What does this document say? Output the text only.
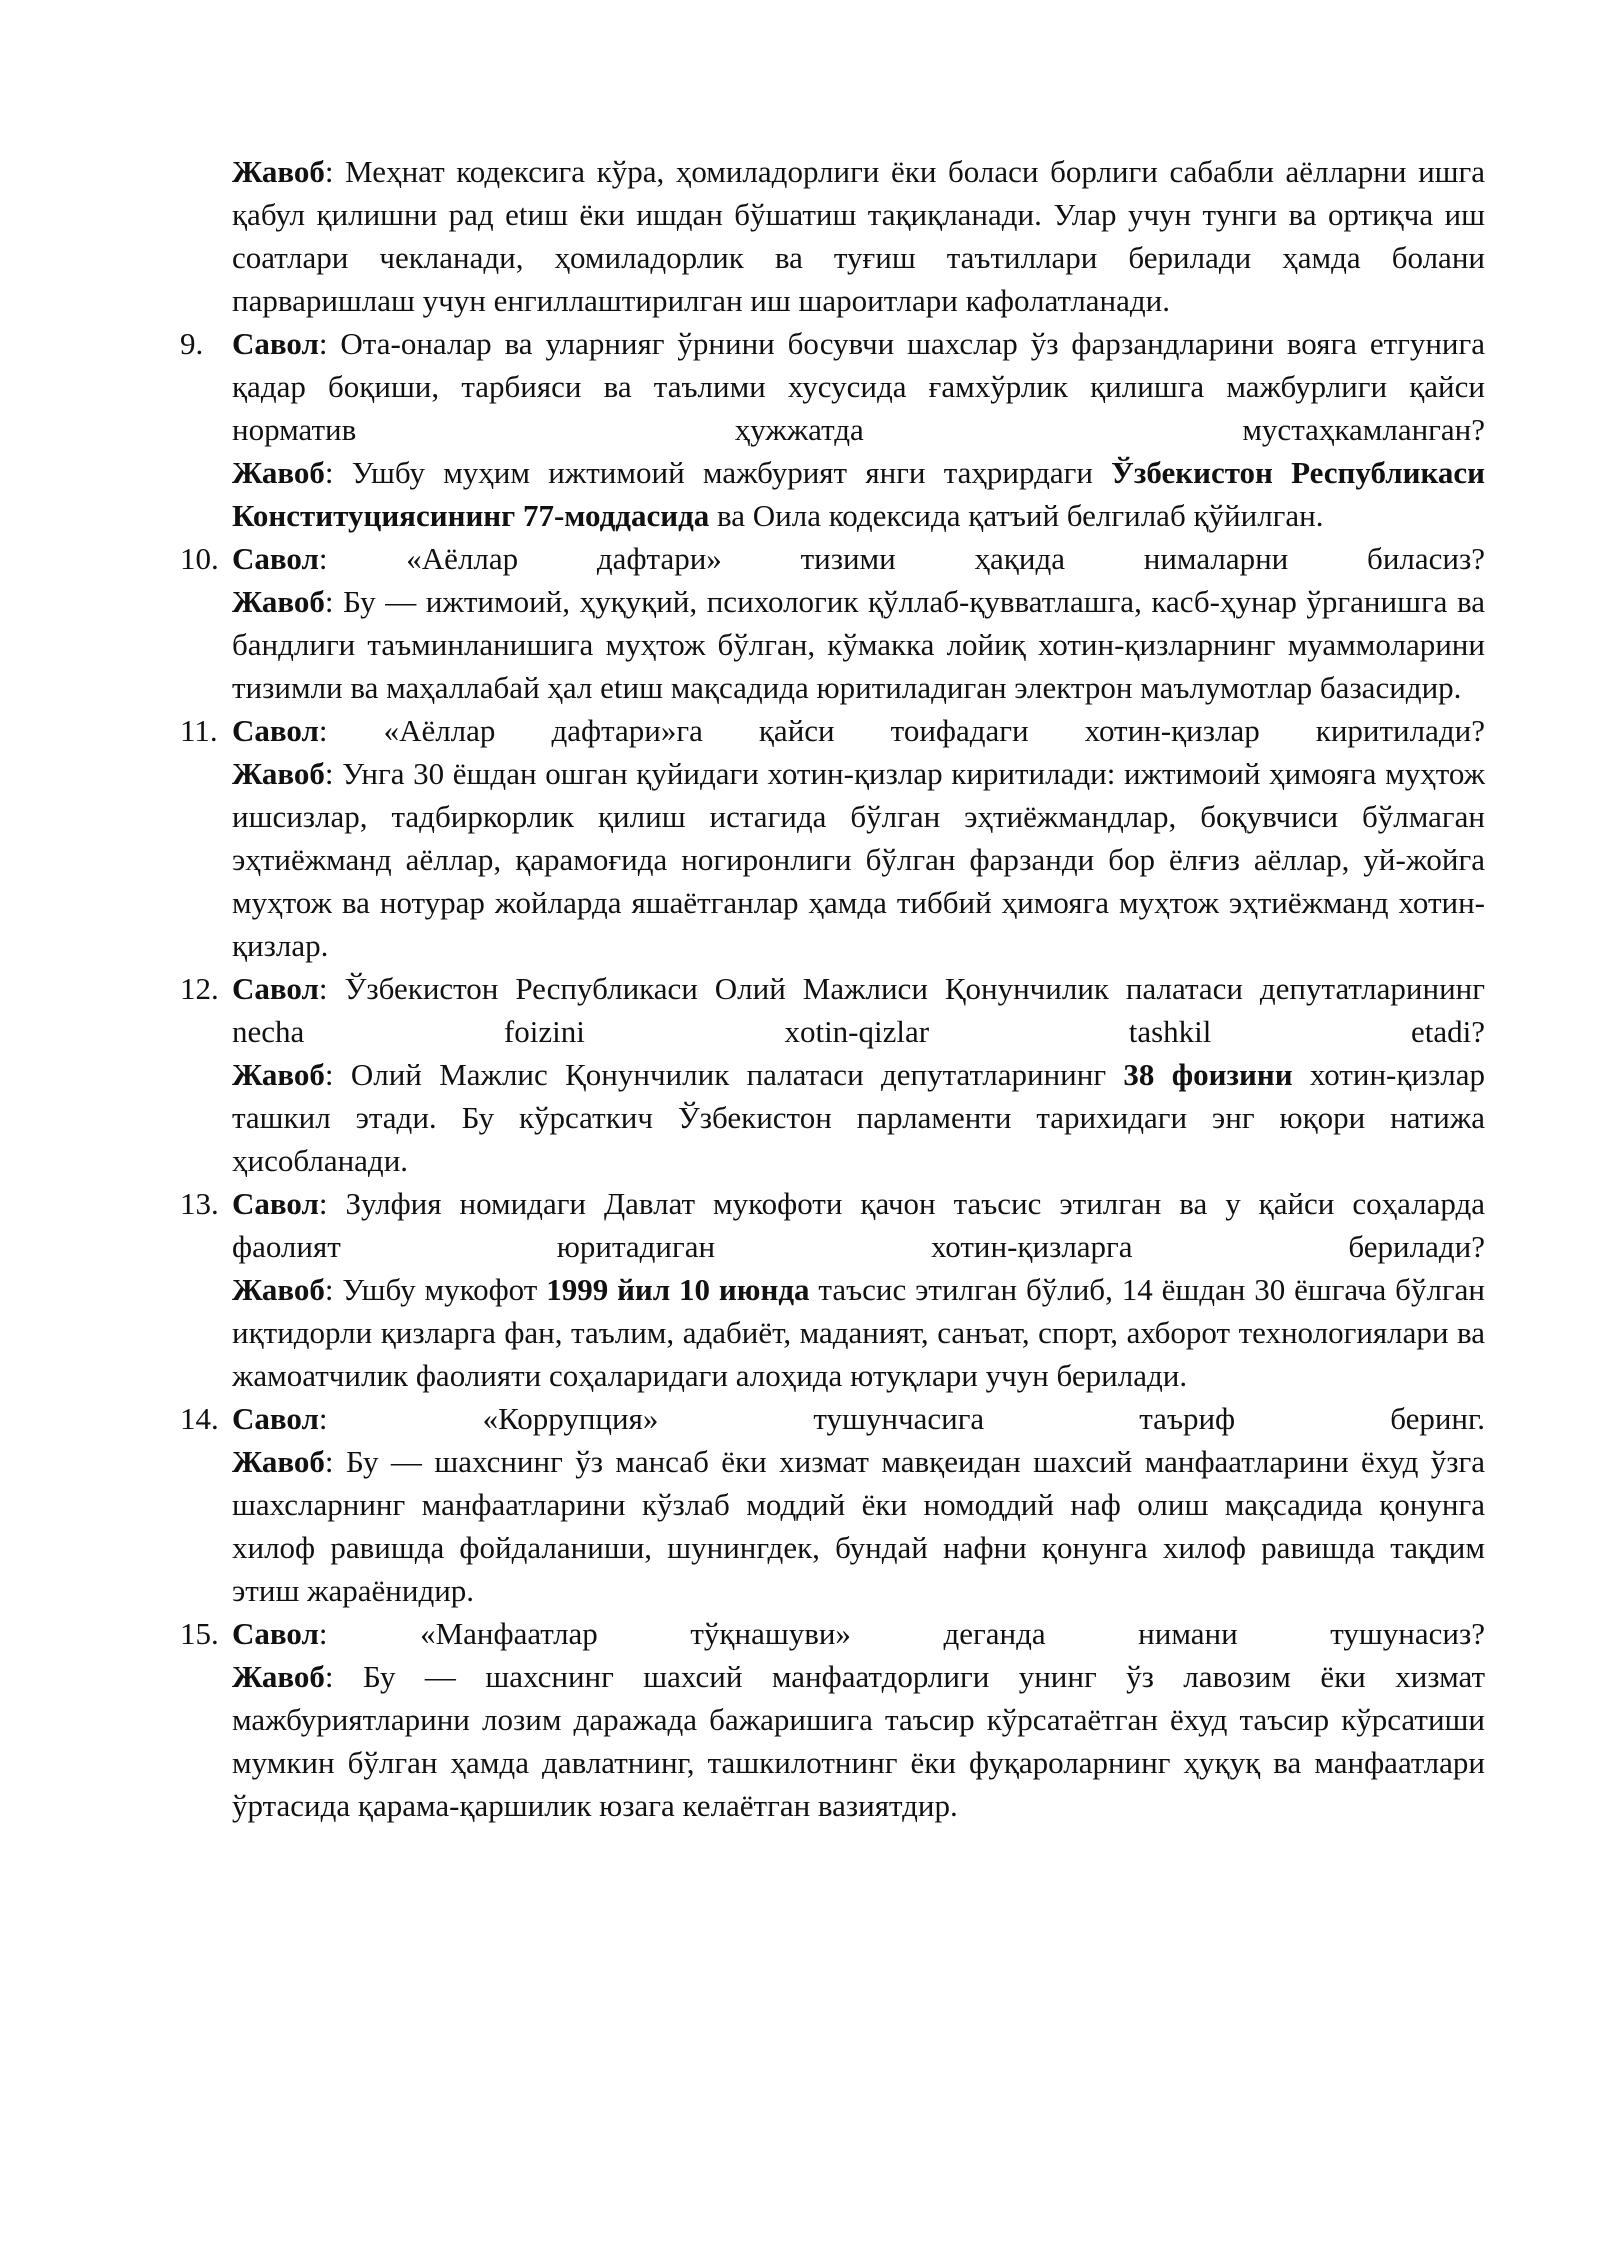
Жавоб: Меҳнат кодексига кўра, ҳомиладорлиги ёки боласи борлиги сабабли аёлларни ишга қабул қилишни рад etиш ёки ишдан бўшатиш тақиқланади. Улар учун тунги ва ортиқча иш соатлари чекланади, ҳомиладорлик ва туғиш таътиллари берилади ҳамда болани парваришлаш учун енгиллаштирилган иш шароитлари кафолатланади.

9. Савол: Ота-оналар ва уларнияг ўрнини босувчи шахслар ўз фарзандларини вояга етгунига қадар боқиши, тарбияси ва таълими хусусида ғамхўрлик қилишга мажбурлиги қайси норматив ҳужжатда мустаҳкамланган?

Жавоб: Ушбу муҳим ижтимоий мажбурият янги таҳрирдаги Ўзбекистон Республикаси Конституциясининг 77-моддасида ва Оила кодексида қатъий белгилаб қўйилган.

10. Савол: «Аёллар дафтари» тизими ҳақида нималарни биласиз?

Жавоб: Бу — ижтимоий, ҳуқуқий, психологик қўллаб-қувватлашга, касб-ҳунар ўрганишга ва бандлиги таъминланишига муҳтож бўлган, кўмакка лойиқ хотин-қизларнинг муаммоларини тизимли ва маҳаллабай ҳал etиш мақсадида юритиладиган электрон маълумотлар базасидир.

11. Савол: «Аёллар дафтари»га қайси тоифадаги хотин-қизлар киритилади?

Жавоб: Унга 30 ёшдан ошган қуйидаги хотин-қизлар киритилади: ижтимоий ҳимояга муҳтож ишсизлар, тадбиркорлик қилиш истагида бўлган эҳтиёжмандлар, боқувчиси бўлмаган эҳтиёжманд аёллар, қарамоғида ногиронлиги бўлган фарзанди бор ёлғиз аёллар, уй-жойга муҳтож ва нотурар жойларда яшаётганлар ҳамда тиббий ҳимояга муҳтож эҳтиёжманд хотин-қизлар.

12. Савол: Ўзбекистон Республикаси Олий Мажлиси Қонунчилик палатаси депутатларининг necha foizini xotin-qizlar tashkil etadi?

Жавоб: Олий Мажлис Қонунчилик палатаси депутатларининг 38 фоизини хотин-қизлар ташкил этади. Бу кўрсаткич Ўзбекистон парламенти тарихидаги энг юқори натижа ҳисобланади.

13. Савол: Зулфия номидаги Давлат мукофоти қачон таъсис этилган ва у қайси соҳаларда фаолият юритадиган хотин-қизларга берилади?

Жавоб: Ушбу мукофот 1999 йил 10 июнда таъсис этилган бўлиб, 14 ёшдан 30 ёшгача бўлган иқтидорли қизларга фан, таълим, адабиёт, маданият, санъат, спорт, ахборот технологиялари ва жамоатчилик фаолияти соҳаларидаги алоҳида ютуқлари учун берилади.

14. Савол: «Коррупция» тушунчасига таъриф беринг.

Жавоб: Бу — шахснинг ўз мансаб ёки хизмат мавқеидан шахсий манфаатларини ёхуд ўзга шахсларнинг манфаатларини кўзлаб моддий ёки номоддий наф олиш мақсадида қонунга хилоф равишда фойдаланиши, шунингдек, бундай нафни қонунга хилоф равишда тақдим этиш жараёнидир.

15. Савол: «Манфаатлар тўқнашуви» деганда нимани тушунасиз?

Жавоб: Бу — шахснинг шахсий манфаатдорлиги унинг ўз лавозим ёки хизмат мажбуриятларини лозим даражада бажаришига таъсир кўрсатаётган ёхуд таъсир кўрсатиши мумкин бўлган ҳамда давлатнинг, ташкилотнинг ёки фуқароларнинг ҳуқуқ ва манфаатлари ўртасида қарама-қаршилик юзага келаётган вазиятдир.
